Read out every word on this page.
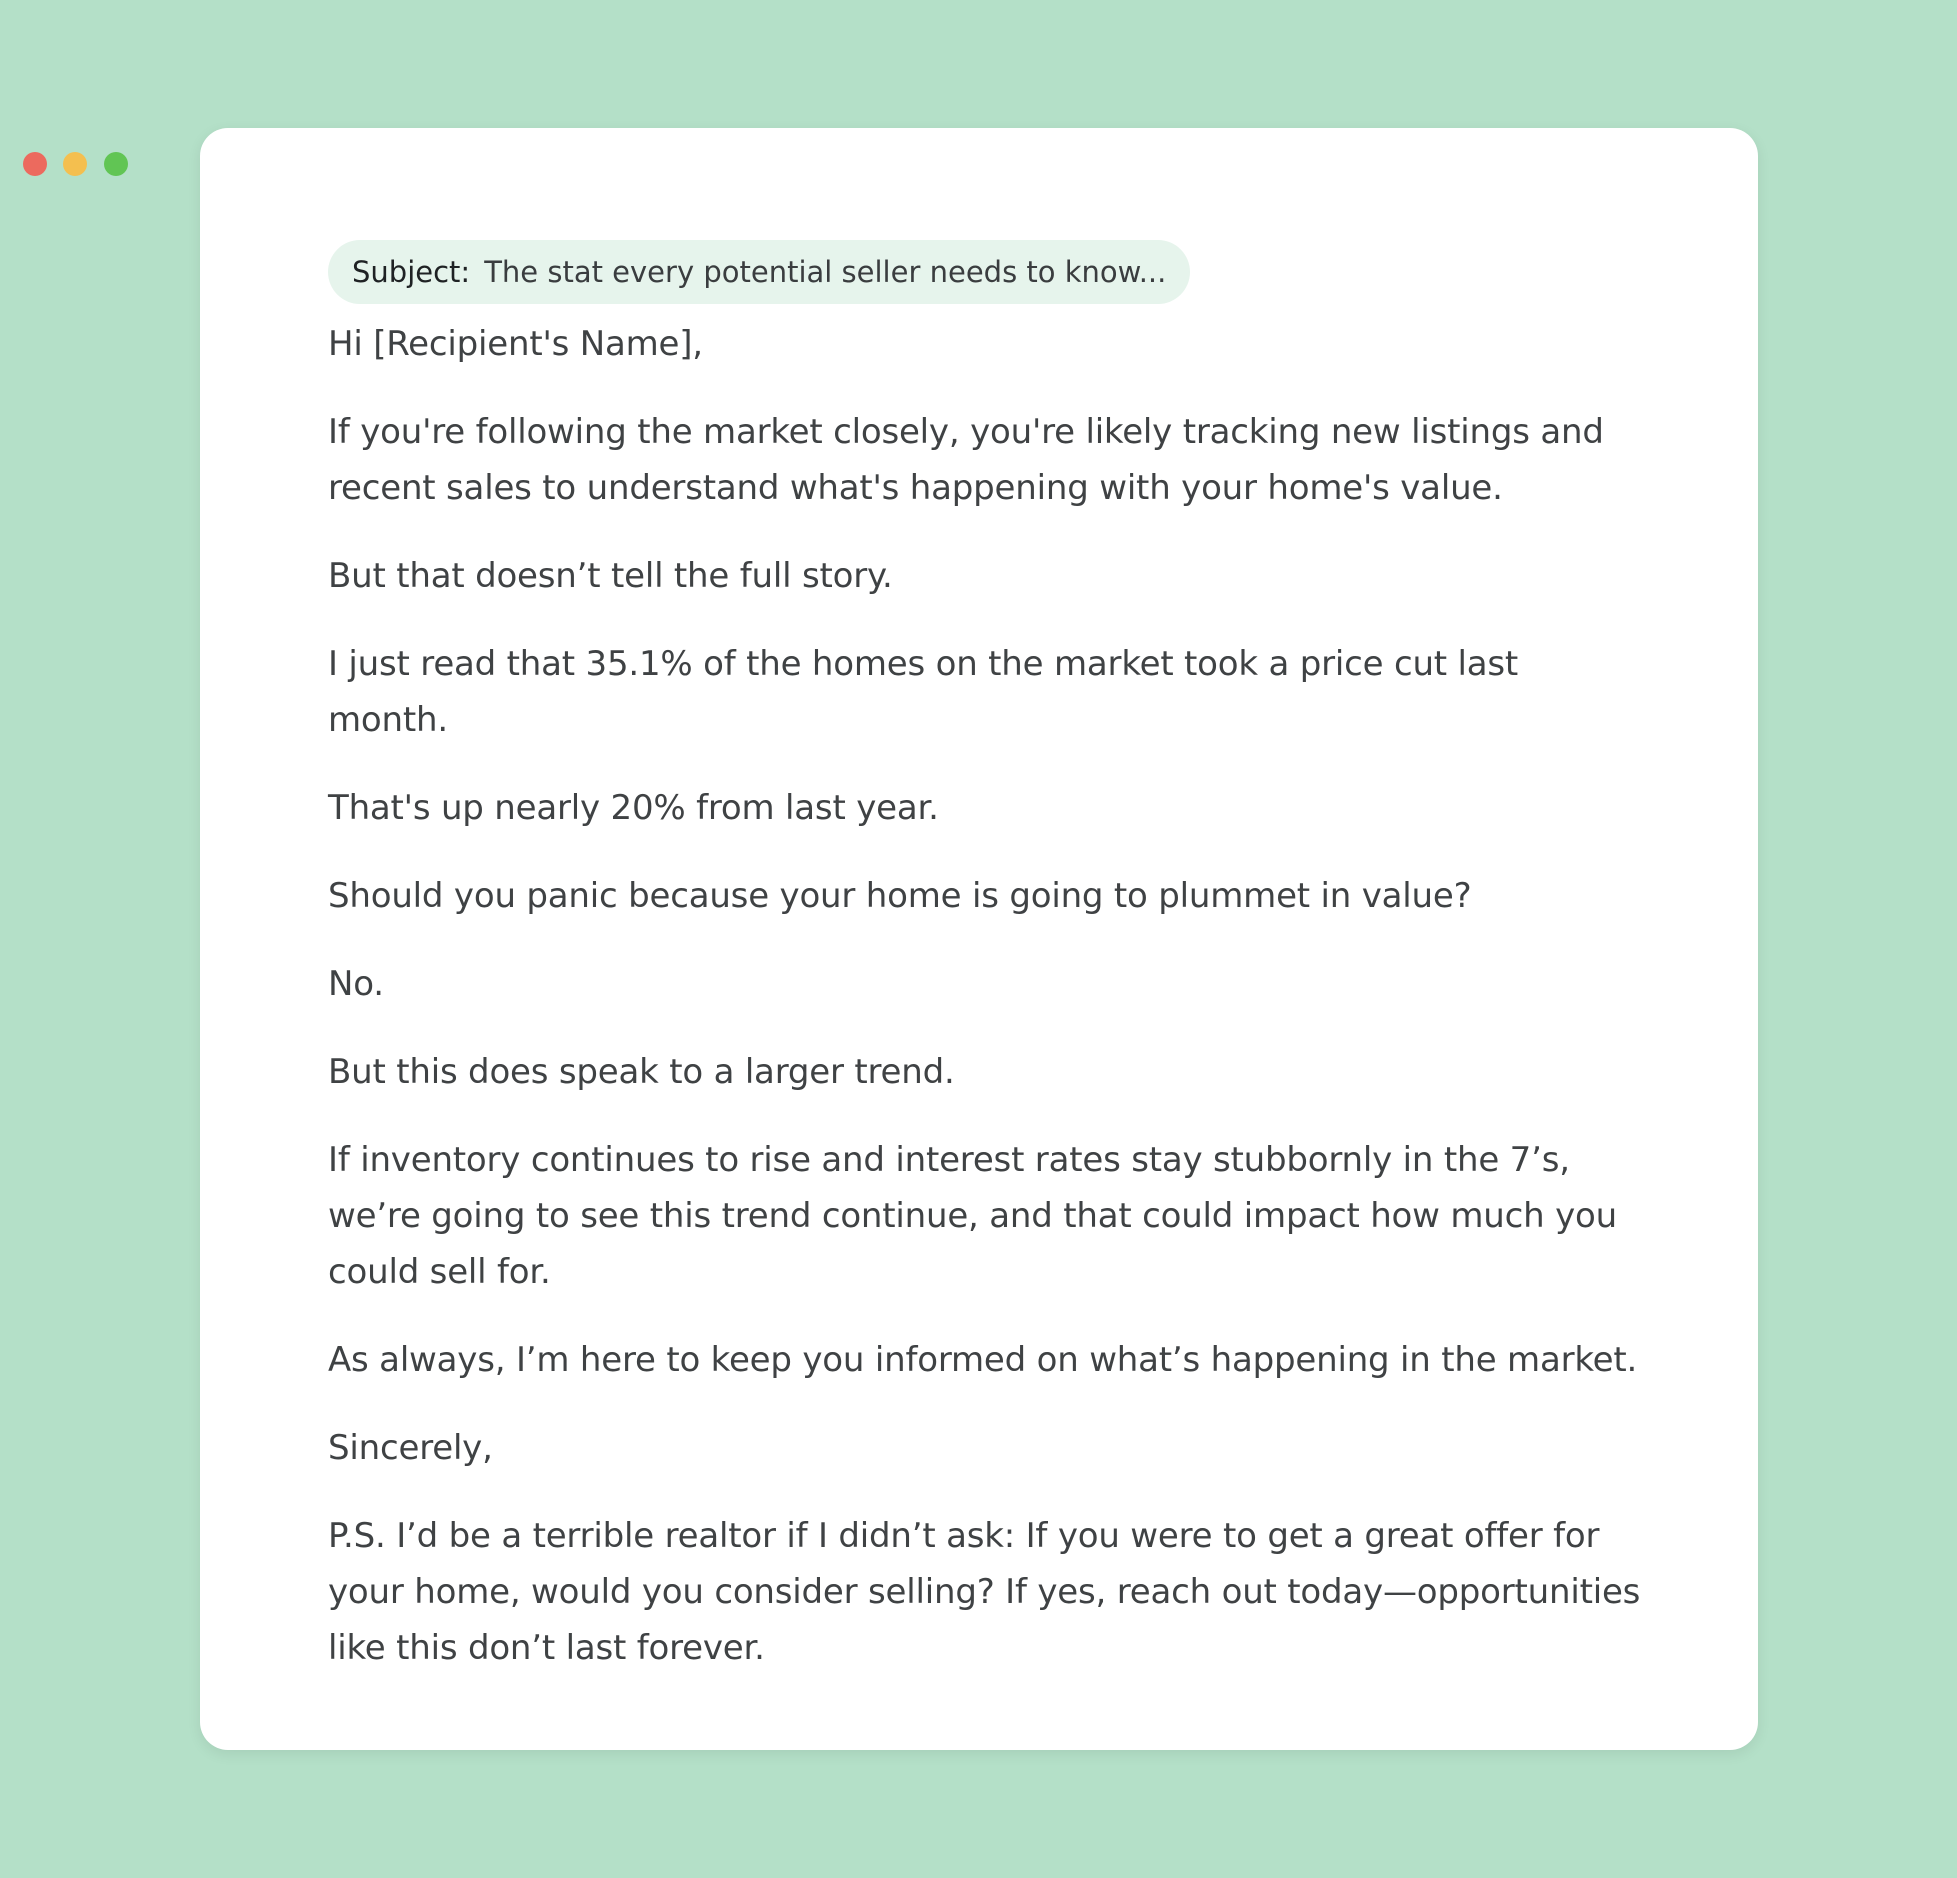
Subject: The stat every potential seller needs to know...

Hi [Recipient's Name],

If you're following the market closely, you're likely tracking new listings and recent sales to understand what's happening with your home's value.

But that doesn’t tell the full story.

I just read that 35.1% of the homes on the market took a price cut last month.

That's up nearly 20% from last year.

Should you panic because your home is going to plummet in value?

No.

But this does speak to a larger trend.

If inventory continues to rise and interest rates stay stubbornly in the 7’s, we’re going to see this trend continue, and that could impact how much you could sell for.

As always, I’m here to keep you informed on what’s happening in the market.

Sincerely,

P.S. I’d be a terrible realtor if I didn’t ask: If you were to get a great offer for your home, would you consider selling? If yes, reach out today—opportunities like this don’t last forever.
